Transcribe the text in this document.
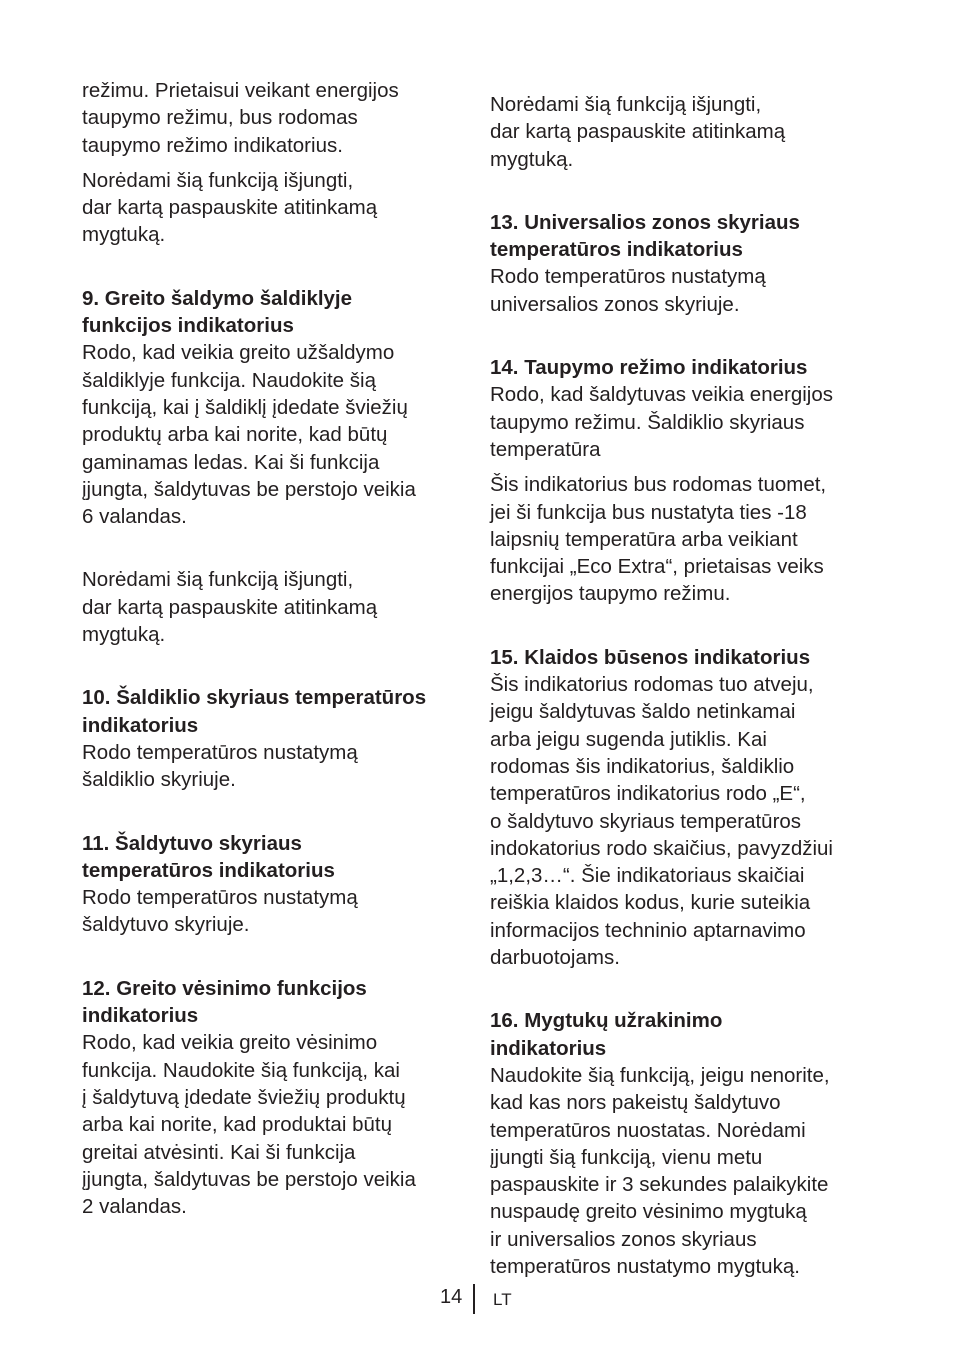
režimu. Prietaisui veikant energijos
taupymo režimu, bus rodomas
taupymo režimo indikatorius.

Norėdami šią funkciją išjungti,
dar kartą paspauskite atitinkamą
mygtuką.

9. Greito šaldymo šaldiklyje
funkcijos indikatorius

Rodo, kad veikia greito užšaldymo
šaldiklyje funkcija. Naudokite šią
funkciją, kai į šaldiklį įdedate šviežių
produktų arba kai norite, kad būtų
gaminamas ledas. Kai ši funkcija
įjungta, šaldytuvas be perstojo veikia
6 valandas.

Norėdami šią funkciją išjungti,
dar kartą paspauskite atitinkamą
mygtuką.

10. Šaldiklio skyriaus temperatūros
indikatorius

Rodo temperatūros nustatymą
šaldiklio skyriuje.

11. Šaldytuvo skyriaus
temperatūros indikatorius

Rodo temperatūros nustatymą
šaldytuvo skyriuje.

12. Greito vėsinimo funkcijos
indikatorius

Rodo, kad veikia greito vėsinimo
funkcija. Naudokite šią funkciją, kai
į šaldytuvą įdedate šviežių produktų
arba kai norite, kad produktai būtų
greitai atvėsinti. Kai ši funkcija
įjungta, šaldytuvas be perstojo veikia
2 valandas.

Norėdami šią funkciją išjungti,
dar kartą paspauskite atitinkamą
mygtuką.

13. Universalios zonos skyriaus
temperatūros indikatorius

Rodo temperatūros nustatymą
universalios zonos skyriuje.

14. Taupymo režimo indikatorius

Rodo, kad šaldytuvas veikia energijos
taupymo režimu. Šaldiklio skyriaus
temperatūra

Šis indikatorius bus rodomas tuomet,
jei ši funkcija bus nustatyta ties -18
laipsnių temperatūra arba veikiant
funkcijai „Eco Extra“, prietaisas veiks
energijos taupymo režimu.

15. Klaidos būsenos indikatorius

Šis indikatorius rodomas tuo atveju,
jeigu šaldytuvas šaldo netinkamai
arba jeigu sugenda jutiklis. Kai
rodomas šis indikatorius, šaldiklio
temperatūros indikatorius rodo „E“,
o šaldytuvo skyriaus temperatūros
indokatorius rodo skaičius, pavyzdžiui
„1,2,3…“. Šie indikatoriaus skaičiai
reiškia klaidos kodus, kurie suteikia
informacijos techninio aptarnavimo
darbuotojams.

16. Mygtukų užrakinimo
indikatorius

Naudokite šią funkciją, jeigu nenorite,
kad kas nors pakeistų šaldytuvo
temperatūros nuostatas. Norėdami
įjungti šią funkciją, vienu metu
paspauskite ir 3 sekundes palaikykite
nuspaudę greito vėsinimo mygtuką
ir universalios zonos skyriaus
temperatūros nustatymo mygtuką.

14 LT
